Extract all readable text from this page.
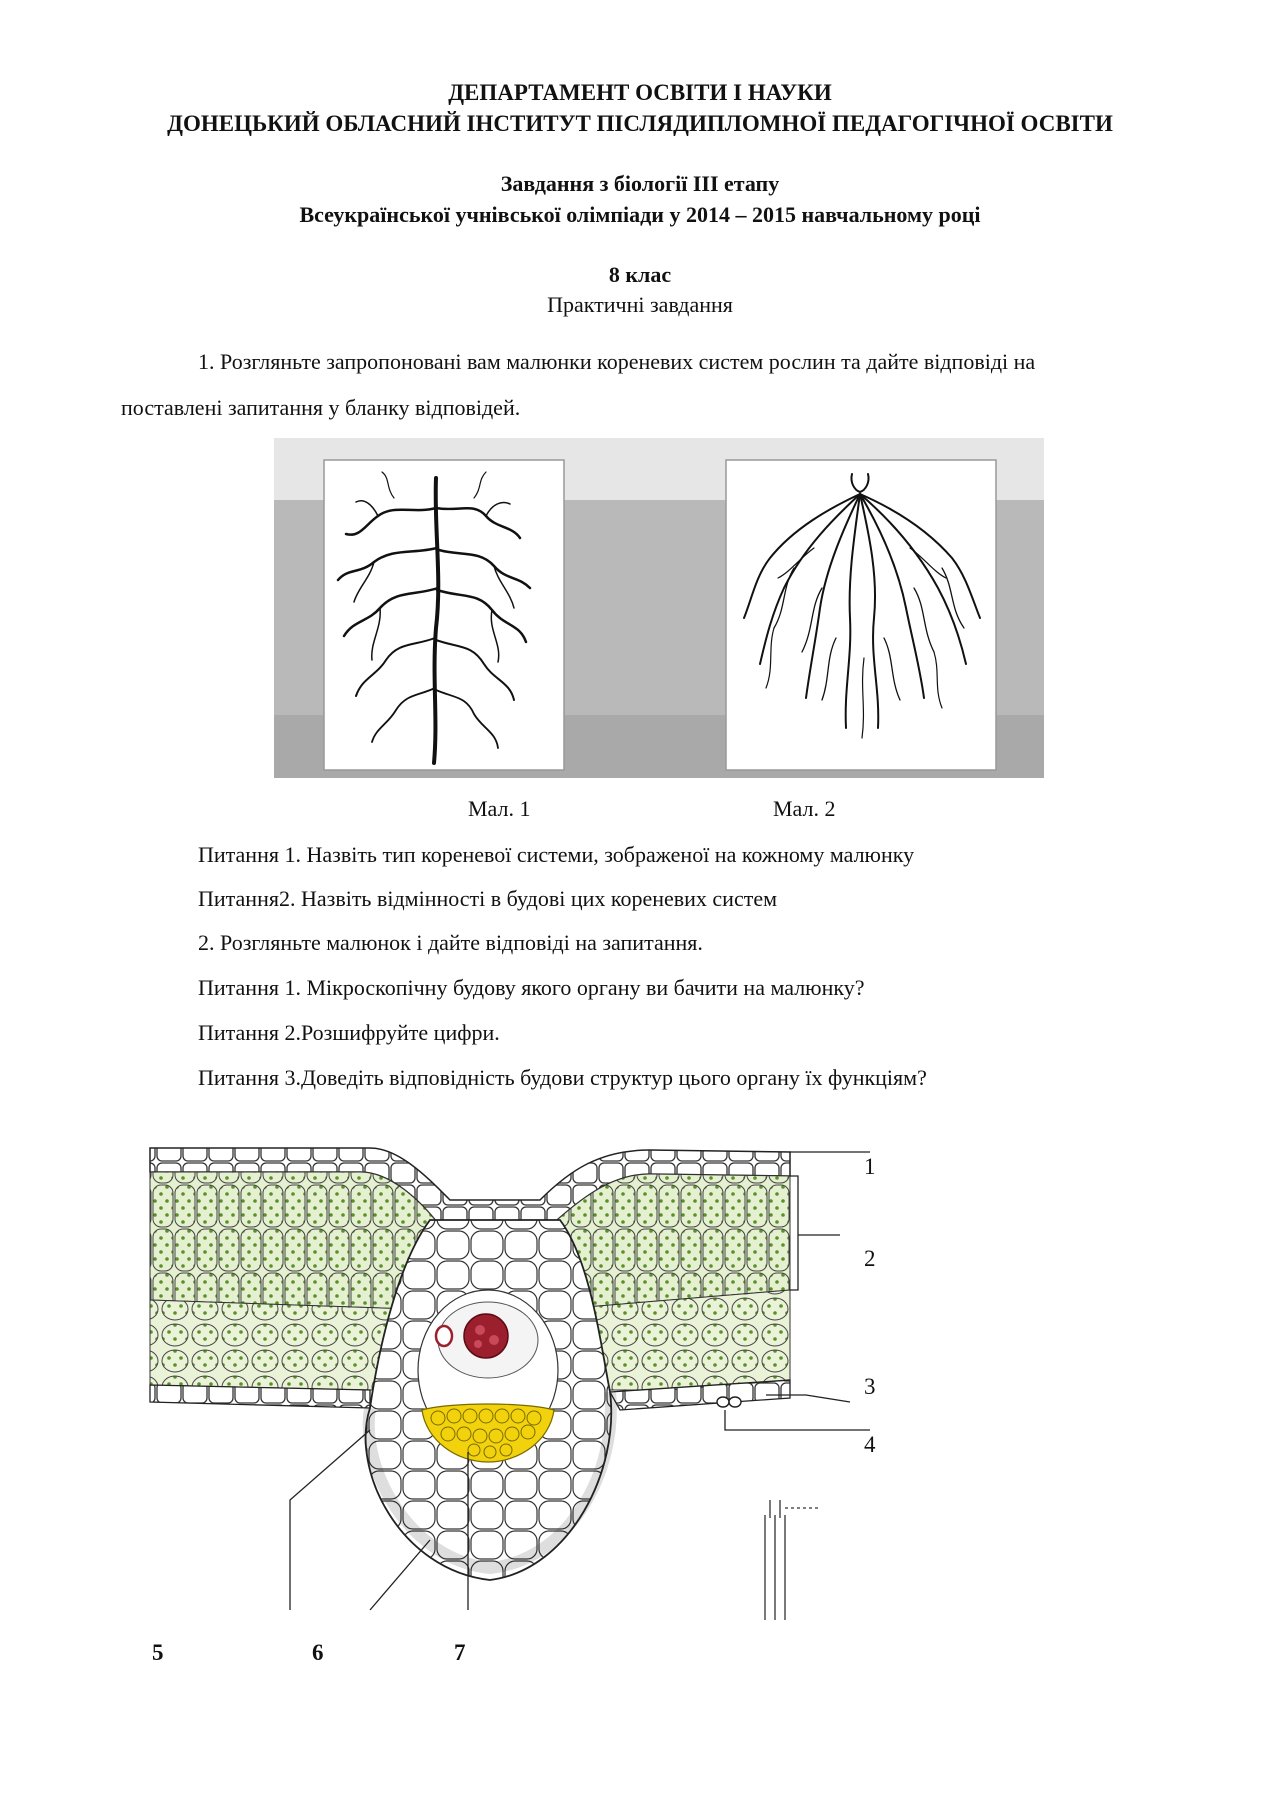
ДЕПАРТАМЕНТ ОСВІТИ І НАУКИ
ДОНЕЦЬКИЙ ОБЛАСНИЙ ІНСТИТУТ ПІСЛЯДИПЛОМНОЇ ПЕДАГОГІЧНОЇ ОСВІТИ
Завдання з біології ІІІ етапу
Всеукраїнської учнівської олімпіади у 2014 – 2015 навчальному році
8 клас
Практичні завдання
1. Розгляньте запропоновані вам малюнки кореневих систем рослин та дайте відповіді на
поставлені запитання у бланку відповідей.
Мал. 1	Мал. 2
Питання 1. Назвіть тип кореневої системи, зображеної на кожному малюнку
Питання2. Назвіть відмінності в будові цих кореневих систем
2. Розгляньте малюнок і дайте відповіді на запитання.
Питання 1. Мікроскопічну будову якого органу ви бачити на малюнку?
Питання 2.Розшифруйте цифри.
Питання 3.Доведіть відповідність будови структур цього органу їх функціям?
1
2
3
4
5	6	7
